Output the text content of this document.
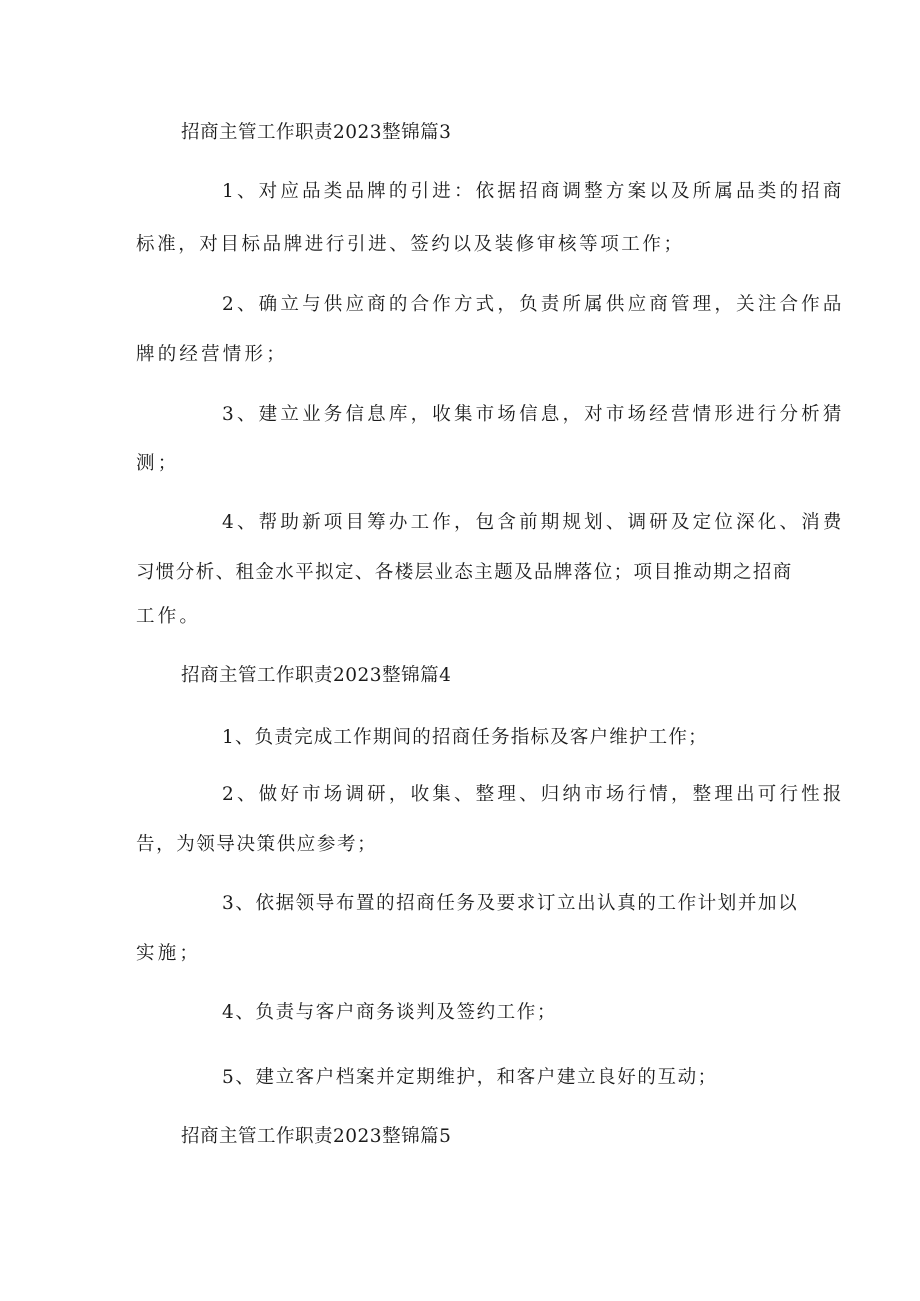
招商主管工作职责2023整锦篇3
1、对应品类品牌的引进：依据招商调整方案以及所属品类的招商
标准，对目标品牌进行引进、签约以及装修审核等项工作；
2、确立与供应商的合作方式，负责所属供应商管理，关注合作品
牌的经营情形；
3、建立业务信息库，收集市场信息，对市场经营情形进行分析猜
测；
4、帮助新项目筹办工作，包含前期规划、调研及定位深化、消费
习惯分析、租金水平拟定、各楼层业态主题及品牌落位；项目推动期之招商
工作。
招商主管工作职责2023整锦篇4
1、负责完成工作期间的招商任务指标及客户维护工作；
2、做好市场调研，收集、整理、归纳市场行情，整理出可行性报
告，为领导决策供应参考；
3、依据领导布置的招商任务及要求订立出认真的工作计划并加以
实施；
4、负责与客户商务谈判及签约工作；
5、建立客户档案并定期维护，和客户建立良好的互动；
招商主管工作职责2023整锦篇5
